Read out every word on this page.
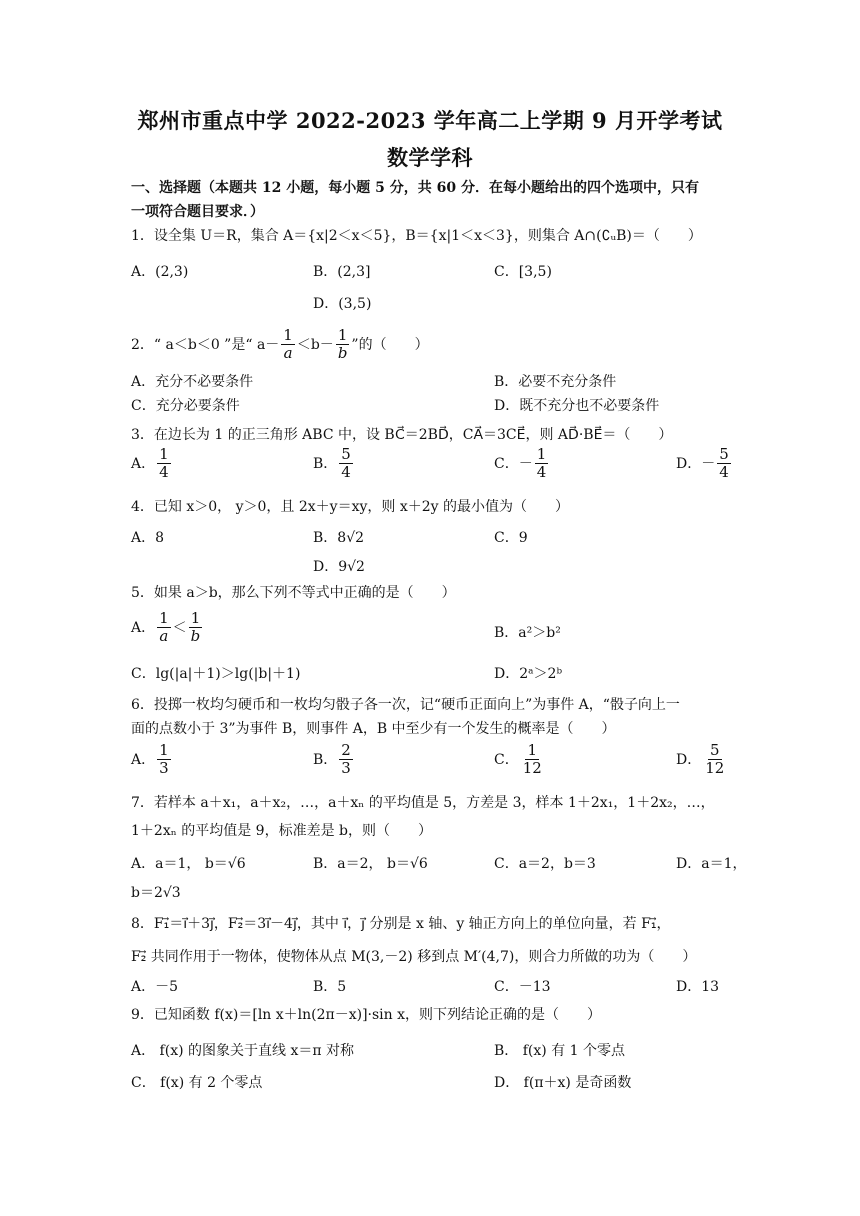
郑州市重点中学 2022-2023 学年高二上学期 9 月开学考试
数学学科
一、选择题（本题共 12 小题，每小题 5 分，共 60 分．在每小题给出的四个选项中，只有
一项符合题目要求．）
1．设全集 U＝R，集合 A＝{x|2＜x＜5}，B＝{x|1＜x＜3}，则集合 A∩(∁ᵤB)＝（　　）
A．(2,3)	B．(2,3]	C．[3,5)
D．(3,5)
2．“ a＜b＜0 ”是“ $a- \frac{1}{a} <b- \frac{1}{b}$ ”的（　　）
A．充分不必要条件	B．必要不充分条件
C．充分必要条件	D．既不充分也不必要条件
3．在边长为 1 的正三角形 ABC 中，设 BC⃗＝2BD⃗，CA⃗＝3CE⃗，则 AD⃗·BE⃗＝（　　）
A． $\frac{1}{4}$	B． $\frac{5}{4}$	C．－ $\frac{1}{4}$	D．－ $\frac{5}{4}$
4．已知 x＞0， y＞0，且 2x＋y＝xy，则 x＋2y 的最小值为（　　）
A．8	B．8√2	C．9
D．9√2
5．如果 a＞b，那么下列不等式中正确的是（　　）
A． $\frac{1}{a} < \frac{1}{b}$	B．a²＞b²
C．lg(|a|＋1)＞lg(|b|＋1)	D．2ᵃ＞2ᵇ
6．投掷一枚均匀硬币和一枚均匀骰子各一次，记“硬币正面向上”为事件 A，“骰子向上一
面的点数小于 3”为事件 B，则事件 A，B 中至少有一个发生的概率是（　　）
A． $\frac{1}{3}$	B． $\frac{2}{3}$	C． $\frac{1}{12}$	D． $\frac{5}{12}$
7．若样本 a＋x₁，a＋x₂，…，a＋xₙ 的平均值是 5，方差是 3，样本 1＋2x₁，1＋2x₂，…，
1＋2xₙ 的平均值是 9，标准差是 b，则（　　）
A．a＝1， b＝√6	B．a＝2， b＝√6	C．a＝2，b＝3	D．a＝1，
b＝2√3
8．F₁⃗＝i⃗＋3j⃗，F₂⃗＝3i⃗－4j⃗，其中 i⃗，j⃗ 分别是 x 轴、y 轴正方向上的单位向量，若 F₁⃗，
F₂⃗ 共同作用于一物体，使物体从点 M(3,－2) 移到点 M′(4,7)，则合力所做的功为（　　）
A．－5	B．5	C．－13	D．13
9．已知函数 f(x)＝[ln x＋ln(2π－x)]·sin x，则下列结论正确的是（　　）
A． f(x) 的图象关于直线 x＝π 对称	B． f(x) 有 1 个零点
C． f(x) 有 2 个零点	D． f(π＋x) 是奇函数
